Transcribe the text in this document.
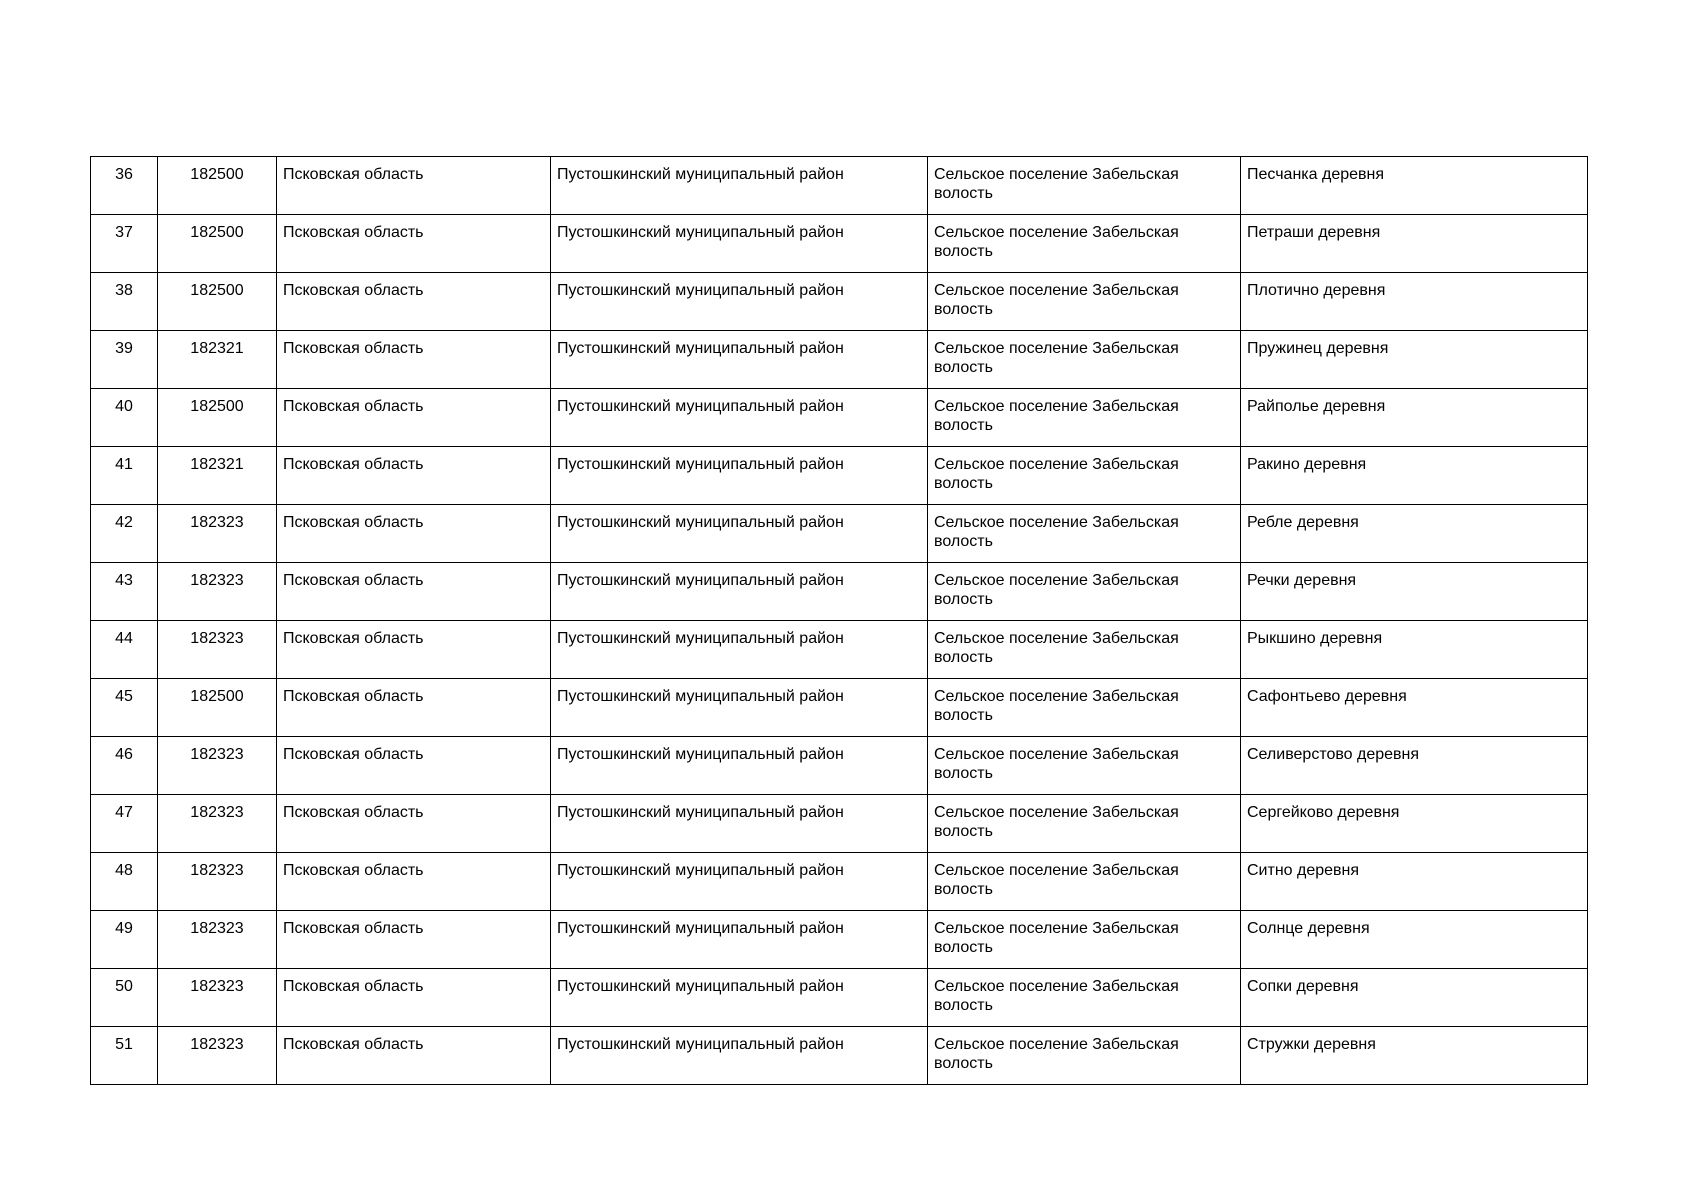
36	182500	Псковская область	Пустошкинский муниципальный район	Сельское поселение Забельская волость	Песчанка деревня
37	182500	Псковская область	Пустошкинский муниципальный район	Сельское поселение Забельская волость	Петраши деревня
38	182500	Псковская область	Пустошкинский муниципальный район	Сельское поселение Забельская волость	Плотично деревня
39	182321	Псковская область	Пустошкинский муниципальный район	Сельское поселение Забельская волость	Пружинец деревня
40	182500	Псковская область	Пустошкинский муниципальный район	Сельское поселение Забельская волость	Райполье деревня
41	182321	Псковская область	Пустошкинский муниципальный район	Сельское поселение Забельская волость	Ракино деревня
42	182323	Псковская область	Пустошкинский муниципальный район	Сельское поселение Забельская волость	Ребле деревня
43	182323	Псковская область	Пустошкинский муниципальный район	Сельское поселение Забельская волость	Речки деревня
44	182323	Псковская область	Пустошкинский муниципальный район	Сельское поселение Забельская волость	Рыкшино деревня
45	182500	Псковская область	Пустошкинский муниципальный район	Сельское поселение Забельская волость	Сафонтьево деревня
46	182323	Псковская область	Пустошкинский муниципальный район	Сельское поселение Забельская волость	Селиверстово деревня
47	182323	Псковская область	Пустошкинский муниципальный район	Сельское поселение Забельская волость	Сергейково деревня
48	182323	Псковская область	Пустошкинский муниципальный район	Сельское поселение Забельская волость	Ситно деревня
49	182323	Псковская область	Пустошкинский муниципальный район	Сельское поселение Забельская волость	Солнце деревня
50	182323	Псковская область	Пустошкинский муниципальный район	Сельское поселение Забельская волость	Сопки деревня
51	182323	Псковская область	Пустошкинский муниципальный район	Сельское поселение Забельская волость	Стружки деревня
